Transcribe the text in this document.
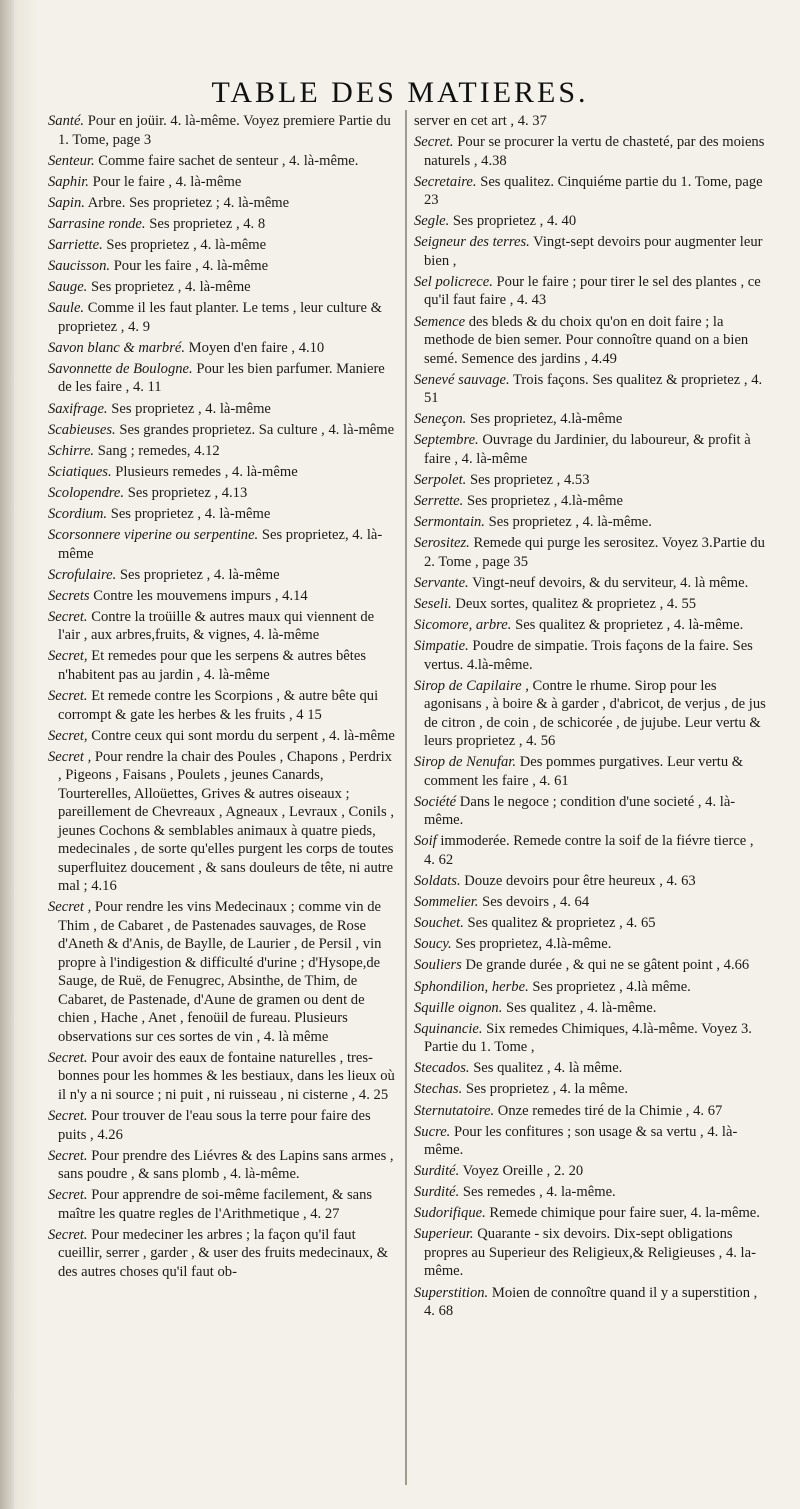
TABLE DES MATIERES.
Santé. Pour en joüir. 4. là-même. Voyez premiere Partie du 1. Tome, page 3
Senteur. Comme faire sachet de senteur , 4. là-même.
Saphir. Pour le faire , 4. là-même
Sapin. Arbre. Ses proprietez ; 4. là-même
Sarrasine ronde. Ses proprietez , 4. 8
Sarriette. Ses proprietez , 4. là-même
Saucisson. Pour les faire , 4. là-même
Sauge. Ses proprietez , 4. là-même
Saule. Comme il les faut planter. Le tems , leur culture & proprietez , 4. 9
Savon blanc & marbré. Moyen d'en faire , 4.10
Savonnette de Boulogne. Pour les bien parfumer. Maniere de les faire , 4. 11
Saxifrage. Ses proprietez , 4. là-même
Scabieuses. Ses grandes proprietez. Sa culture , 4. là-même
Schirre. Sang ; remedes, 4.12
Sciatiques. Plusieurs remedes , 4. là-même
Scolopendre. Ses proprietez , 4.13
Scordium. Ses proprietez , 4. là-même
Scorsonnere viperine ou serpentine. Ses proprietez, 4. là-même
Scrofulaire. Ses proprietez , 4. là-même
Secrets Contre les mouvemens impurs , 4.14
Secret. Contre la troüille & autres maux qui viennent de l'air , aux arbres,fruits, & vignes, 4. là-même
Secret, Et remedes pour que les serpens & autres bêtes n'habitent pas au jardin , 4. là-même
Secret. Et remede contre les Scorpions , & autre bête qui corrompt & gate les herbes & les fruits , 4 15
Secret, Contre ceux qui sont mordu du serpent , 4. là-même
Secret , Pour rendre la chair des Poules , Chapons , Perdrix , Pigeons , Faisans , Poulets , jeunes Canards, Tourterelles, Alloüettes, Grives & autres oiseaux ; pareillement de Chevreaux , Agneaux , Levraux , Conils , jeunes Cochons & semblables animaux à quatre pieds, medecinales , de sorte qu'elles purgent les corps de toutes superfluitez doucement , & sans douleurs de tête, ni autre mal ; 4.16
Secret , Pour rendre les vins Medecinaux ; comme vin de Thim , de Cabaret , de Pastenades sauvages, de Rose d'Aneth & d'Anis, de Baylle, de Laurier , de Persil , vin propre à l'indigestion & difficulté d'urine ; d'Hysope,de Sauge, de Ruë, de Fenugrec, Absinthe, de Thim, de Cabaret, de Pastenade, d'Aune de gramen ou dent de chien , Hache , Anet , fenoüil de fureau. Plusieurs observations sur ces sortes de vin , 4. là même
Secret. Pour avoir des eaux de fontaine naturelles , tres-bonnes pour les hommes & les bestiaux, dans les lieux où il n'y a ni source ; ni puit , ni ruisseau , ni cisterne , 4. 25
Secret. Pour trouver de l'eau sous la terre pour faire des puits , 4.26
Secret. Pour prendre des Liévres & des Lapins sans armes , sans poudre , & sans plomb , 4. là-même.
Secret. Pour apprendre de soi-même facilement, & sans maître les quatre regles de l'Arithmetique , 4. 27
Secret. Pour medeciner les arbres ; la façon qu'il faut cueillir, serrer , garder , & user des fruits medecinaux, & des autres choses qu'il faut ob-
server en cet art , 4. 37
Secret. Pour se procurer la vertu de chasteté, par des moiens naturels , 4.38
Secretaire. Ses qualitez. Cinquiéme partie du 1. Tome, page 23
Segle. Ses proprietez , 4. 40
Seigneur des terres. Vingt-sept devoirs pour augmenter leur bien ,
Sel policrece. Pour le faire ; pour tirer le sel des plantes , ce qu'il faut faire , 4. 43
Semence des bleds & du choix qu'on en doit faire ; la methode de bien semer. Pour connoître quand on a bien semé. Semence des jardins , 4.49
Senevé sauvage. Trois façons. Ses qualitez & proprietez , 4. 51
Seneçon. Ses proprietez, 4.là-même
Septembre. Ouvrage du Jardinier, du laboureur, & profit à faire , 4. là-même
Serpolet. Ses proprietez , 4.53
Serrette. Ses proprietez , 4.là-même
Sermontain. Ses proprietez , 4. là-même.
Serositez. Remede qui purge les serositez. Voyez 3.Partie du 2. Tome , page 35
Servante. Vingt-neuf devoirs, & du serviteur, 4. là même.
Seseli. Deux sortes, qualitez & proprietez , 4. 55
Sicomore, arbre. Ses qualitez & proprietez , 4. là-même.
Simpatie. Poudre de simpatie. Trois façons de la faire. Ses vertus. 4.là-même.
Sirop de Capilaire , Contre le rhume. Sirop pour les agonisans , à boire & à garder , d'abricot, de verjus , de jus de citron , de coin , de schicorée , de jujube. Leur vertu & leurs proprietez , 4. 56
Sirop de Nenufar. Des pommes purgatives. Leur vertu & comment les faire , 4. 61
Société Dans le negoce ; condition d'une societé , 4. là-même.
Soif immoderée. Remede contre la soif de la fiévre tierce , 4. 62
Soldats. Douze devoirs pour être heureux , 4. 63
Sommelier. Ses devoirs , 4. 64
Souchet. Ses qualitez & proprietez , 4. 65
Soucy. Ses proprietez, 4.là-même.
Souliers De grande durée , & qui ne se gâtent point , 4.66
Sphondilion, herbe. Ses proprietez , 4.là même.
Squille oignon. Ses qualitez , 4. là-même.
Squinancie. Six remedes Chimiques, 4.là-même. Voyez 3. Partie du 1. Tome ,
Stecados. Ses qualitez , 4. là même.
Stechas. Ses proprietez , 4. la même.
Sternutatoire. Onze remedes tiré de la Chimie , 4. 67
Sucre. Pour les confitures ; son usage & sa vertu , 4. là-même.
Surdité. Voyez Oreille , 2. 20
Surdité. Ses remedes , 4. la-même.
Sudorifique. Remede chimique pour faire suer, 4. la-même.
Superieur. Quarante - six devoirs. Dix-sept obligations propres au Superieur des Religieux,& Religieuses , 4. la-même.
Superstition. Moien de connoître quand il y a superstition , 4. 68
